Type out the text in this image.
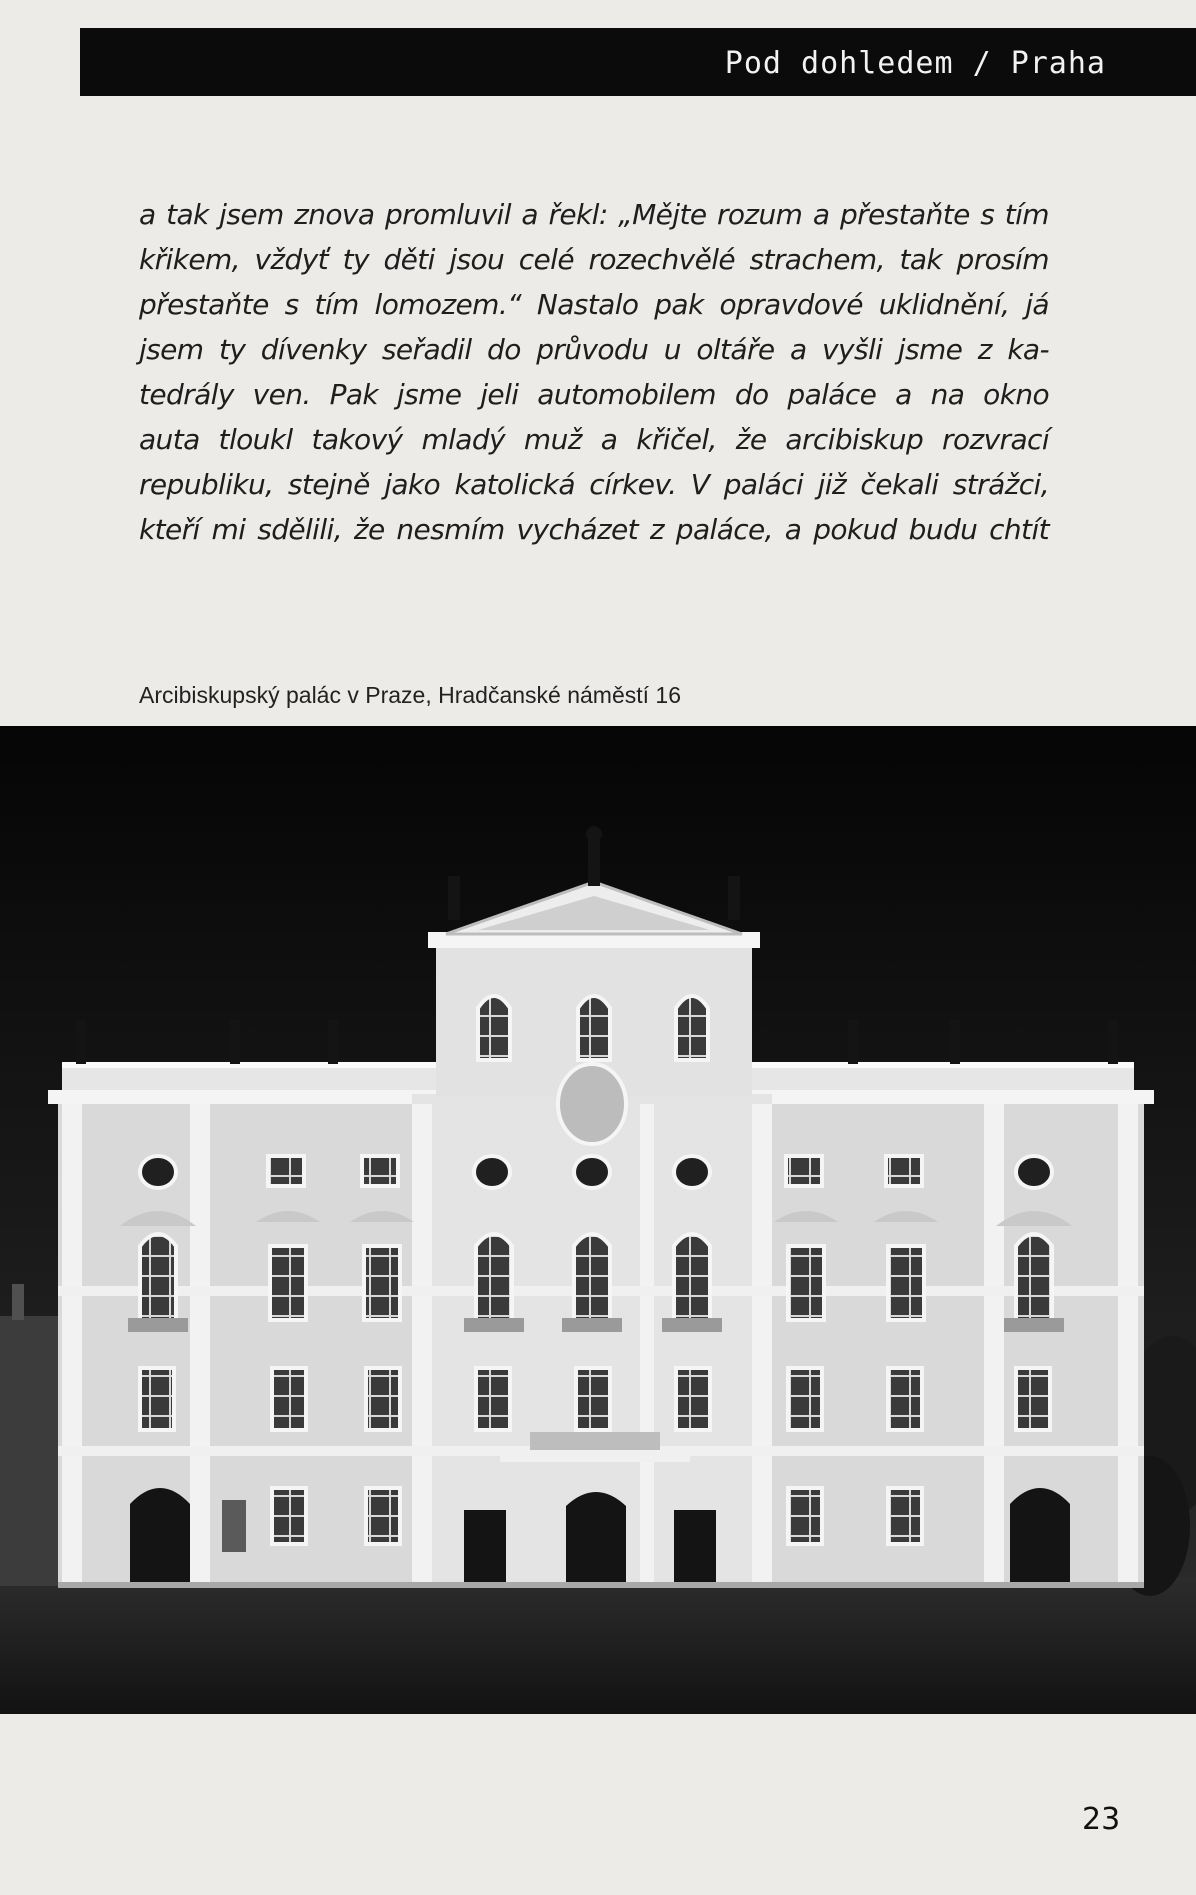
Pod dohledem / Praha
a tak jsem znova promluvil a řekl: „Mějte rozum a přestaňte s tím
křikem, vždyť ty děti jsou celé rozechvělé strachem, tak prosím
přestaňte s tím lomozem.“ Nastalo pak opravdové uklidnění, já
jsem ty dívenky seřadil do průvodu u oltáře a vyšli jsme z ka-
tedrály ven. Pak jsme jeli automobilem do paláce a na okno
auta tloukl takový mladý muž a křičel, že arcibiskup rozvrací
republiku, stejně jako katolická církev. V paláci již čekali strážci,
kteří mi sdělili, že nesmím vycházet z paláce, a pokud budu chtít
Arcibiskupský palác v Praze, Hradčanské náměstí 16
23
